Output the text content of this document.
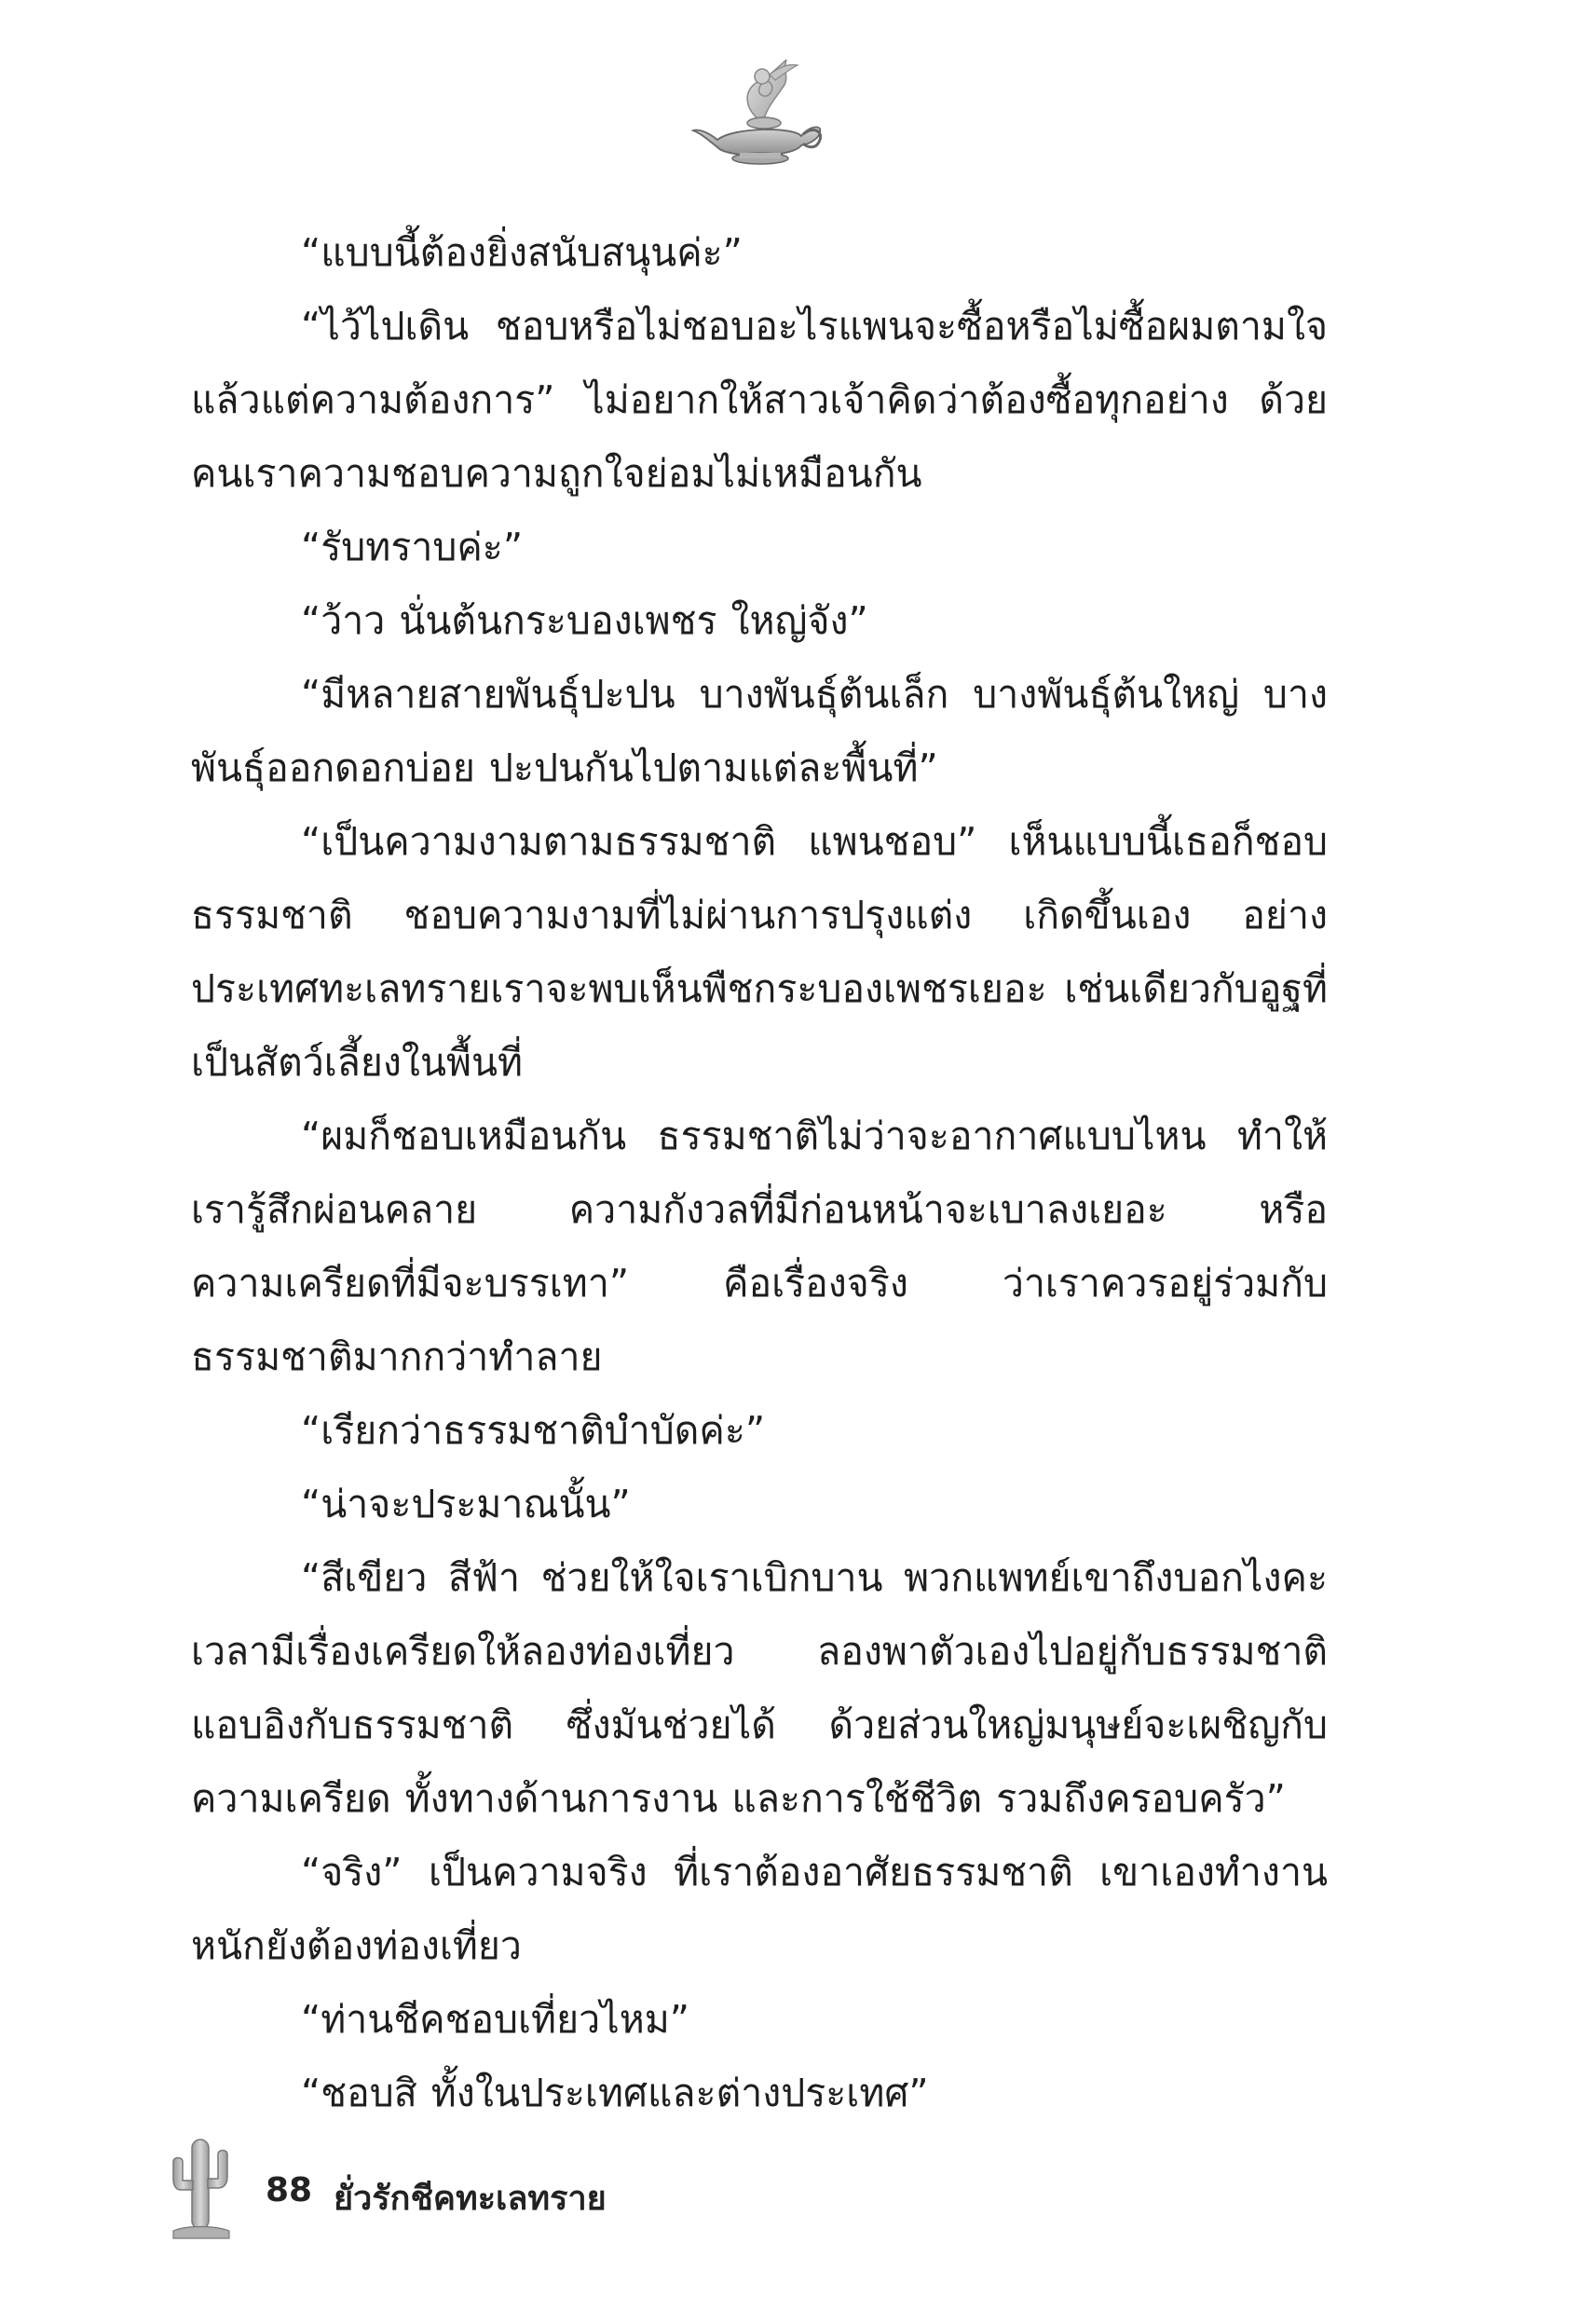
“แบบนี้ต้องยิ่งสนับสนุนค่ะ”

“ไว้ไปเดิน ชอบหรือไม่ชอบอะไรแพนจะซื้อหรือไม่ซื้อผมตามใจ แล้วแต่ความต้องการ” ไม่อยากให้สาวเจ้าคิดว่าต้องซื้อทุกอย่าง ด้วยคนเราความชอบความถูกใจย่อมไม่เหมือนกัน

“รับทราบค่ะ”

“ว้าว นั่นต้นกระบองเพชร ใหญ่จัง”

“มีหลายสายพันธุ์ปะปน บางพันธุ์ต้นเล็ก บางพันธุ์ต้นใหญ่ บางพันธุ์ออกดอกบ่อย ปะปนกันไปตามแต่ละพื้นที่”

“เป็นความงามตามธรรมชาติ แพนชอบ” เห็นแบบนี้เธอก็ชอบธรรมชาติ ชอบความงามที่ไม่ผ่านการปรุงแต่ง เกิดขึ้นเอง อย่างประเทศทะเลทรายเราจะพบเห็นพืชกระบองเพชรเยอะ เช่นเดียวกับอูฐที่เป็นสัตว์เลี้ยงในพื้นที่

“ผมก็ชอบเหมือนกัน ธรรมชาติไม่ว่าจะอากาศแบบไหน ทำให้เรารู้สึกผ่อนคลาย ความกังวลที่มีก่อนหน้าจะเบาลงเยอะ หรือความเครียดที่มีจะบรรเทา” คือเรื่องจริง ว่าเราควรอยู่ร่วมกับธรรมชาติมากกว่าทำลาย

“เรียกว่าธรรมชาติบำบัดค่ะ”

“น่าจะประมาณนั้น”

“สีเขียว สีฟ้า ช่วยให้ใจเราเบิกบาน พวกแพทย์เขาถึงบอกไงคะ เวลามีเรื่องเครียดให้ลองท่องเที่ยว ลองพาตัวเองไปอยู่กับธรรมชาติ แอบอิงกับธรรมชาติ ซึ่งมันช่วยได้ ด้วยส่วนใหญ่มนุษย์จะเผชิญกับความเครียด ทั้งทางด้านการงาน และการใช้ชีวิต รวมถึงครอบครัว”

“จริง” เป็นความจริง ที่เราต้องอาศัยธรรมชาติ เขาเองทำงานหนักยังต้องท่องเที่ยว

“ท่านชีคชอบเที่ยวไหม”

“ชอบสิ ทั้งในประเทศและต่างประเทศ”

88 ยั่วรักชีคทะเลทราย
